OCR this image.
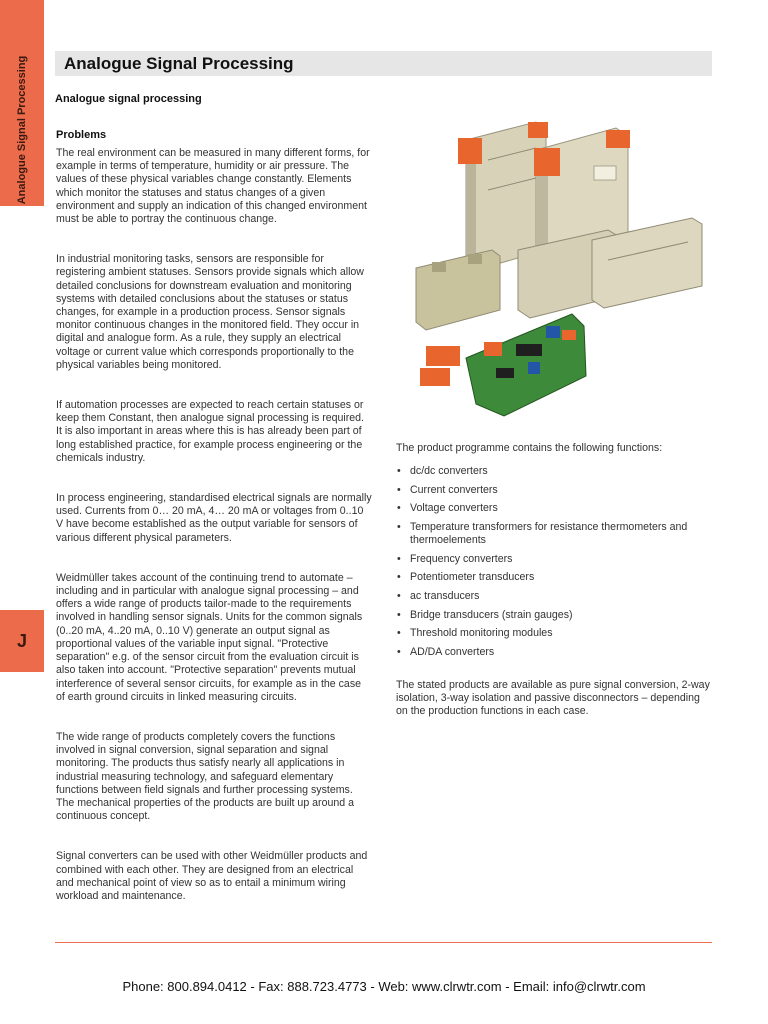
Analogue Signal Processing
J
Analogue Signal Processing
Analogue signal processing
Problems

The real environment can be measured in many different forms, for example in terms of temperature, humidity or air pressure. The values of these physical variables change constantly. Elements which monitor the statuses and status changes of a given environment and supply an indication of this changed environment must be able to portray the continuous change.

In industrial monitoring tasks, sensors are responsible for registering ambient statuses. Sensors provide signals which allow detailed conclusions for downstream evaluation and monitoring systems with detailed conclusions about the statuses or status changes, for example in a production process. Sensor signals monitor continuous changes in the monitored field. They occur in digital and analogue form. As a rule, they supply an electrical voltage or current value which corresponds proportionally to the physical variables being monitored.

If automation processes are expected to reach certain statuses or keep them Constant, then analogue signal processing is required. It is also important in areas where this is has already been part of long established practice, for example process engineering or the chemicals industry.

In process engineering, standardised electrical signals are normally used. Currents from 0… 20 mA, 4… 20 mA or voltages from 0..10 V have become established as the output variable for sensors of various different physical parameters.

Weidmüller takes account of the continuing trend to automate – including and in particular with analogue signal processing – and offers a wide range of products tailor-made to the requirements involved in handling sensor signals. Units for the common signals (0..20 mA, 4..20 mA, 0..10 V) generate an output signal as proportional values of the variable input signal. "Protective separation" e.g. of the sensor circuit from the evaluation circuit is also taken into account. "Protective separation" prevents mutual interference of several sensor circuits, for example as in the case of earth ground circuits in linked measuring circuits.

The wide range of products completely covers the functions involved in signal conversion, signal separation and signal monitoring. The products thus satisfy nearly all applications in industrial measuring technology, and safeguard elementary functions between field signals and further processing systems. The mechanical properties of the products are built up around a continuous concept.

Signal converters can be used with other Weidmüller products and combined with each other. They are designed from an electrical and mechanical point of view so as to entail a minimum wiring workload and maintenance.

The product programme contains the following functions:

• dc/dc converters
• Current converters
• Voltage converters
• Temperature transformers for resistance thermometers and thermoelements
• Frequency converters
• Potentiometer transducers
• ac transducers
• Bridge transducers (strain gauges)
• Threshold monitoring modules
• AD/DA converters

The stated products are available as pure signal conversion, 2-way isolation, 3-way isolation and passive disconnectors – depending on the production functions in each case.

Phone: 800.894.0412 - Fax: 888.723.4773 - Web: www.clrwtr.com - Email: info@clrwtr.com
